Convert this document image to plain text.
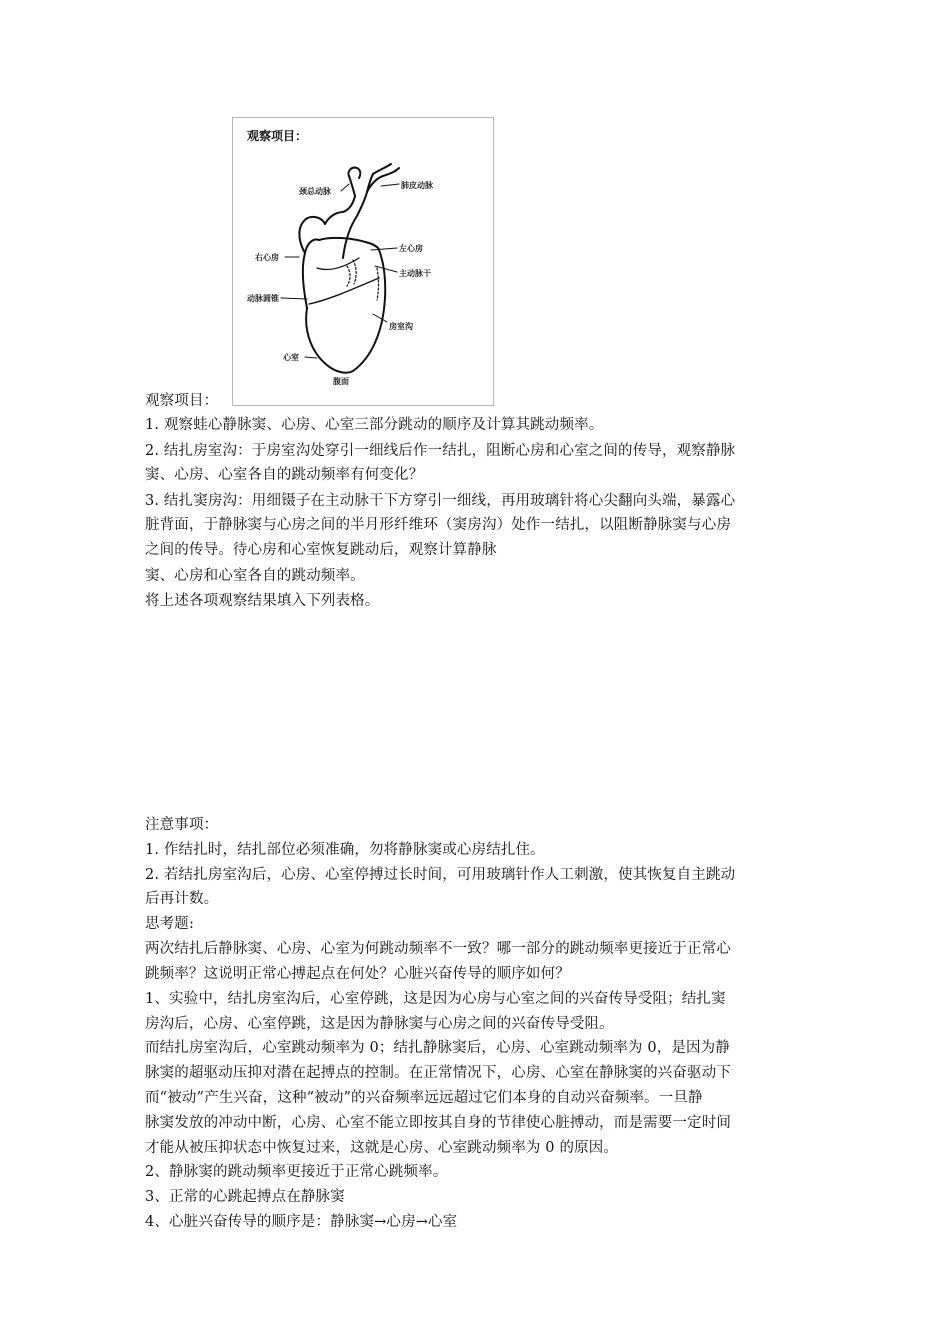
观察项目：
颈总动脉
肺皮动脉
右心房
左心房
主动脉干
动脉圆锥
房室沟
心室
腹面
观察项目：
1. 观察蛙心静脉窦、心房、心室三部分跳动的顺序及计算其跳动频率。
2. 结扎房室沟：于房室沟处穿引一细线后作一结扎，阻断心房和心室之间的传导，观察静脉
窦、心房、心室各自的跳动频率有何变化？
3. 结扎窦房沟：用细镊子在主动脉干下方穿引一细线，再用玻璃针将心尖翻向头端，暴露心
脏背面，于静脉窦与心房之间的半月形纤维环（窦房沟）处作一结扎，以阻断静脉窦与心房
之间的传导。待心房和心室恢复跳动后，观察计算静脉
窦、心房和心室各自的跳动频率。
将上述各项观察结果填入下列表格。
注意事项：
1. 作结扎时，结扎部位必须准确，勿将静脉窦或心房结扎住。
2. 若结扎房室沟后，心房、心室停搏过长时间，可用玻璃针作人工刺激，使其恢复自主跳动
后再计数。
思考题:
两次结扎后静脉窦、心房、心室为何跳动频率不一致？哪一部分的跳动频率更接近于正常心
跳频率？这说明正常心搏起点在何处？心脏兴奋传导的顺序如何？
1、实验中，结扎房室沟后，心室停跳，这是因为心房与心室之间的兴奋传导受阻；结扎窦
房沟后，心房、心室停跳，这是因为静脉窦与心房之间的兴奋传导受阻。
而结扎房室沟后，心室跳动频率为 0；结扎静脉窦后，心房、心室跳动频率为 0，是因为静
脉窦的超驱动压抑对潜在起搏点的控制。在正常情况下，心房、心室在静脉窦的兴奋驱动下
而“被动”产生兴奋，这种“被动”的兴奋频率远远超过它们本身的自动兴奋频率。一旦静
脉窦发放的冲动中断，心房、心室不能立即按其自身的节律使心脏搏动，而是需要一定时间
才能从被压抑状态中恢复过来，这就是心房、心室跳动频率为 0 的原因。
2、静脉窦的跳动频率更接近于正常心跳频率。
3、正常的心跳起搏点在静脉窦
4、心脏兴奋传导的顺序是：静脉窦→心房→心室
